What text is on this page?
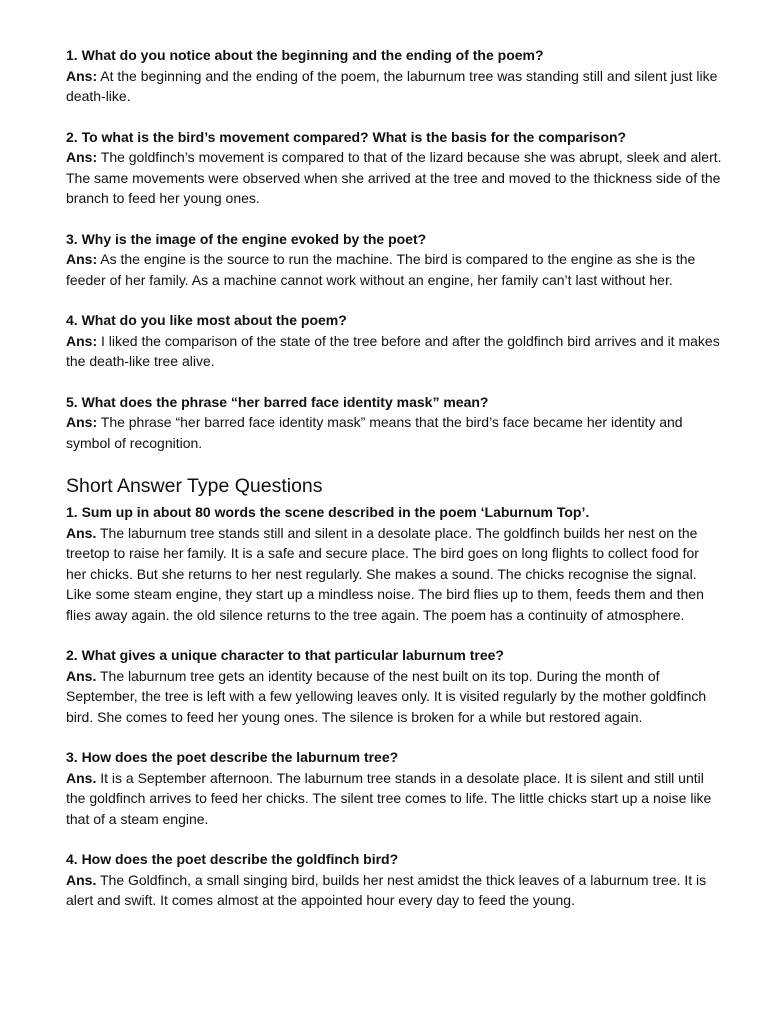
1. What do you notice about the beginning and the ending of the poem?
Ans: At the beginning and the ending of the poem, the laburnum tree was standing still and silent just like death-like.
2. To what is the bird’s movement compared? What is the basis for the comparison?
Ans: The goldfinch’s movement is compared to that of the lizard because she was abrupt, sleek and alert. The same movements were observed when she arrived at the tree and moved to the thickness side of the branch to feed her young ones.
3. Why is the image of the engine evoked by the poet?
Ans: As the engine is the source to run the machine. The bird is compared to the engine as she is the feeder of her family. As a machine cannot work without an engine, her family can’t last without her.
4. What do you like most about the poem?
Ans: I liked the comparison of the state of the tree before and after the goldfinch bird arrives and it makes the death-like tree alive.
5. What does the phrase “her barred face identity mask” mean?
Ans: The phrase “her barred face identity mask” means that the bird’s face became her identity and symbol of recognition.
Short Answer Type Questions
1. Sum up in about 80 words the scene described in the poem ‘Laburnum Top’.
Ans. The laburnum tree stands still and silent in a desolate place. The goldfinch builds her nest on the treetop to raise her family. It is a safe and secure place. The bird goes on long flights to collect food for her chicks. But she returns to her nest regularly. She makes a sound. The chicks recognise the signal. Like some steam engine, they start up a mindless noise. The bird flies up to them, feeds them and then flies away again. the old silence returns to the tree again. The poem has a continuity of atmosphere.
2. What gives a unique character to that particular laburnum tree?
Ans. The laburnum tree gets an identity because of the nest built on its top. During the month of September, the tree is left with a few yellowing leaves only. It is visited regularly by the mother goldfinch bird. She comes to feed her young ones. The silence is broken for a while but restored again.
3. How does the poet describe the laburnum tree?
Ans. It is a September afternoon. The laburnum tree stands in a desolate place. It is silent and still until the goldfinch arrives to feed her chicks. The silent tree comes to life. The little chicks start up a noise like that of a steam engine.
4. How does the poet describe the goldfinch bird?
Ans. The Goldfinch, a small singing bird, builds her nest amidst the thick leaves of a laburnum tree. It is alert and swift. It comes almost at the appointed hour every day to feed the young.
